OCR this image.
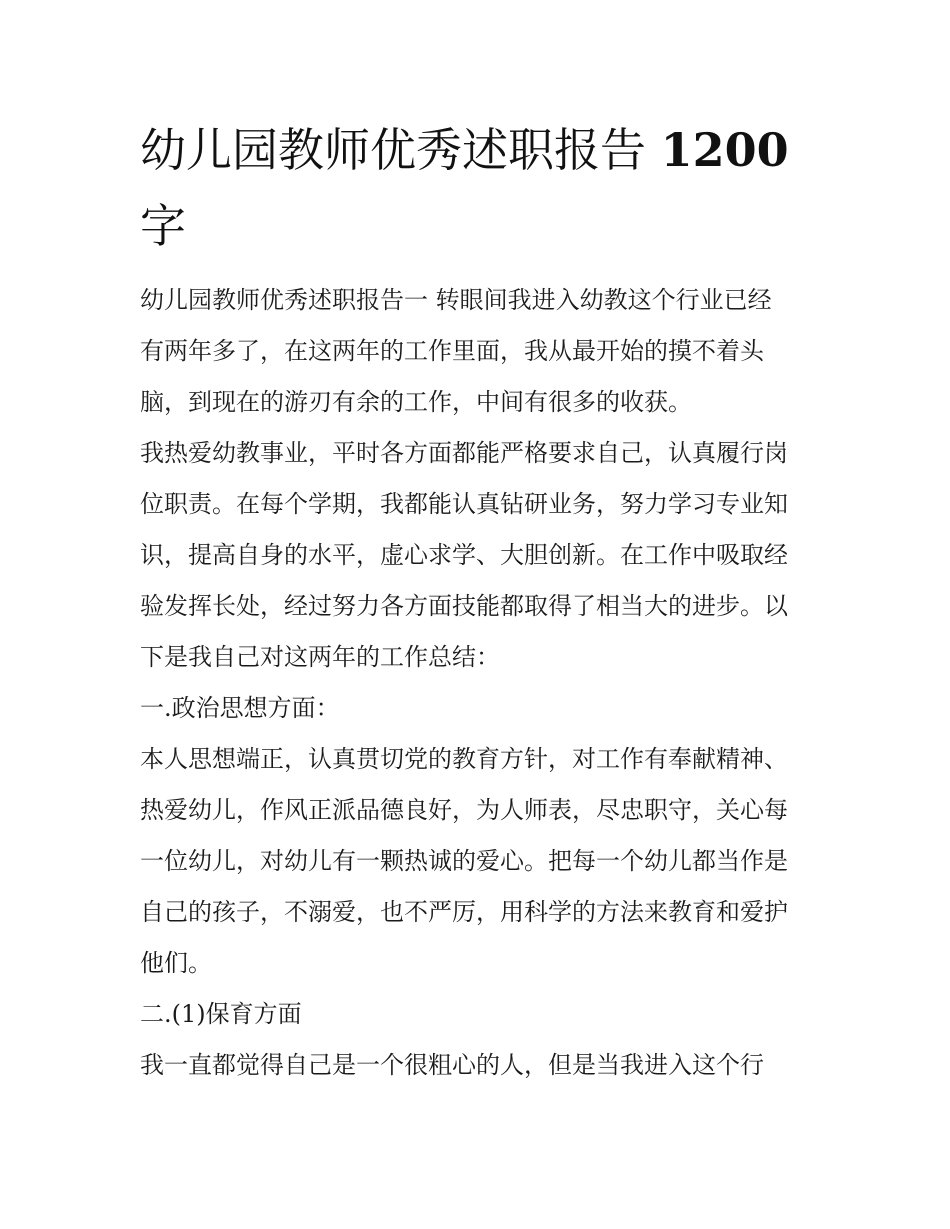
幼儿园教师优秀述职报告 1200
字
幼儿园教师优秀述职报告一 转眼间我进入幼教这个行业已经
有两年多了，在这两年的工作里面，我从最开始的摸不着头
脑，到现在的游刃有余的工作，中间有很多的收获。
我热爱幼教事业，平时各方面都能严格要求自己，认真履行岗
位职责。在每个学期，我都能认真钻研业务，努力学习专业知
识，提高自身的水平，虚心求学、大胆创新。在工作中吸取经
验发挥长处，经过努力各方面技能都取得了相当大的进步。以
下是我自己对这两年的工作总结：
一.政治思想方面：
本人思想端正，认真贯切党的教育方针，对工作有奉献精神、
热爱幼儿，作风正派品德良好，为人师表，尽忠职守，关心每
一位幼儿，对幼儿有一颗热诚的爱心。把每一个幼儿都当作是
自己的孩子，不溺爱，也不严厉，用科学的方法来教育和爱护
他们。
二.(1)保育方面
我一直都觉得自己是一个很粗心的人，但是当我进入这个行
